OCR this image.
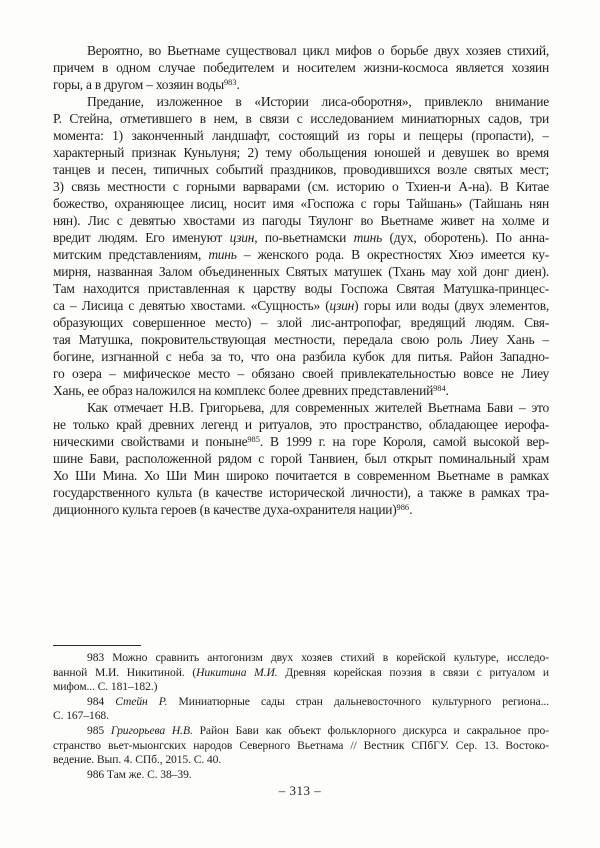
Вероятно, во Вьетнаме существовал цикл мифов о борьбе двух хозяев стихий,
причем в одном случае победителем и носителем жизни-космоса является хозяин
горы, а в другом – хозяин воды$^{983}$.
Предание, изложенное в «Истории лиса-оборотня», привлекло внимание
Р. Стейна, отметившего в нем, в связи с исследованием миниатюрных садов, три
момента: 1) законченный ландшафт, состоящий из горы и пещеры (пропасти), –
характерный признак Куньлуня; 2) тему обольщения юношей и девушек во время
танцев и песен, типичных событий праздников, проводившихся возле святых мест;
3) связь местности с горными варварами (см. историю о Тхиен-и А-на). В Китае
божество, охраняющее лисиц, носит имя «Госпожа с горы Тайшань» (Тайшань нян
нян). Лис с девятью хвостами из пагоды Тяулонг во Вьетнаме живет на холме и
вредит людям. Его именуют цзин, по-вьетнамски тинь (дух, оборотень). По анна-
митским представлениям, тинь – женского рода. В окрестностях Хюэ имеется ку-
мирня, названная Залом объединенных Святых матушек (Тхань мау хой донг диен).
Там находится приставленная к царству воды Госпожа Святая Матушка-принцес-
са – Лисица с девятью хвостами. «Сущность» (цзин) горы или воды (двух элементов,
образующих совершенное место) – злой лис-антропофаг, вредящий людям. Свя-
тая Матушка, покровительствующая местности, передала свою роль Лиеу Хань –
богине, изгнанной с неба за то, что она разбила кубок для питья. Район Западно-
го озера – мифическое место – обязано своей привлекательностью вовсе не Лиеу
Хань, ее образ наложился на комплекс более древних представлений$^{984}$.
Как отмечает Н.В. Григорьева, для современных жителей Вьетнама Бави – это
не только край древних легенд и ритуалов, это пространство, обладающее иерофа-
ническими свойствами и поныне$^{985}$. В 1999 г. на горе Короля, самой высокой вер-
шине Бави, расположенной рядом с горой Танвиен, был открыт поминальный храм
Хо Ши Мина. Хо Ши Мин широко почитается в современном Вьетнаме в рамках
государственного культа (в качестве исторической личности), а также в рамках тра-
диционного культа героев (в качестве духа-охранителя нации)$^{986}$.
983 Можно сравнить антогонизм двух хозяев стихий в корейской культуре, исследо-
ванной М.И. Никитиной. (Никитина М.И. Древняя корейская поэзия в связи с ритуалом и
мифом... С. 181–182.)
984 Стейн Р. Миниатюрные сады стран дальневосточного культурного региона...
С. 167–168.
985 Григорьева Н.В. Район Бави как объект фольклорного дискурса и сакральное про-
странство вьет-мыонгских народов Северного Вьетнама // Вестник СПбГУ. Сер. 13. Востоко-
ведение. Вып. 4. СПб., 2015. С. 40.
986 Там же. С. 38–39.
– 313 –
